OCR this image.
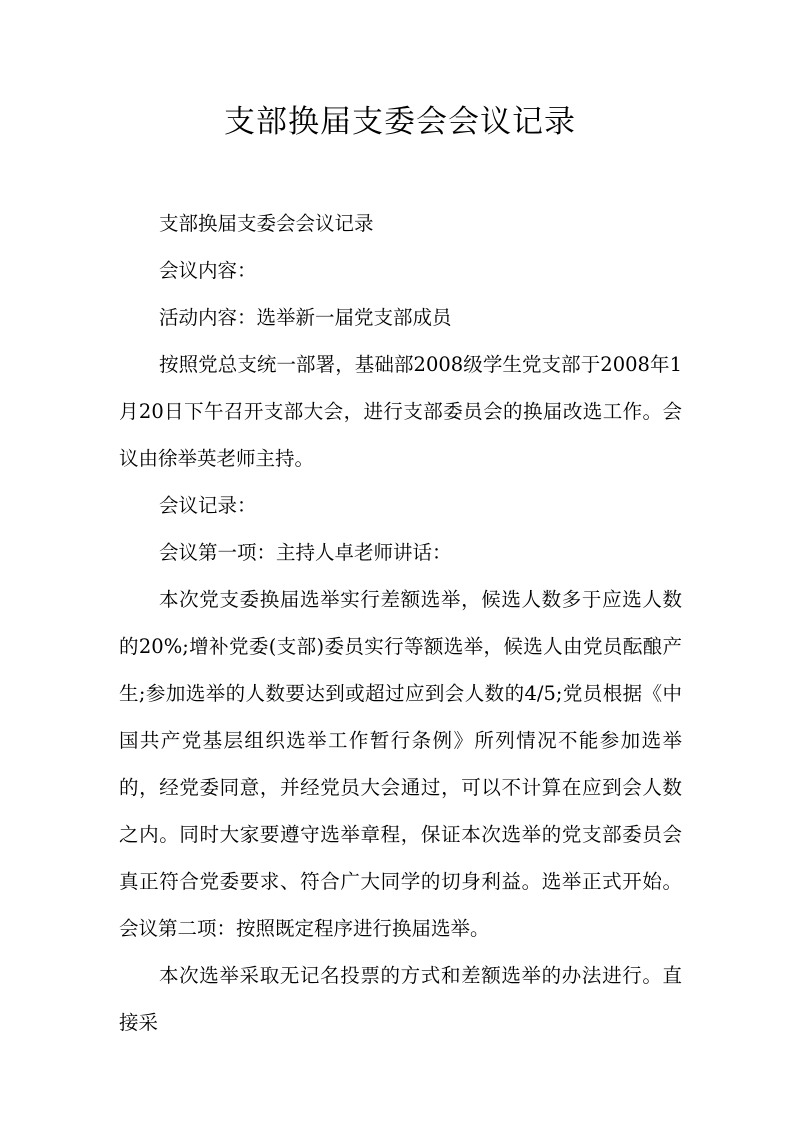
支部换届支委会会议记录

支部换届支委会会议记录

会议内容：

活动内容：选举新一届党支部成员

按照党总支统一部署，基础部2008级学生党支部于2008年1月20日下午召开支部大会，进行支部委员会的换届改选工作。会议由徐举英老师主持。

会议记录：

会议第一项：主持人卓老师讲话：

本次党支委换届选举实行差额选举，候选人数多于应选人数的20%;增补党委(支部)委员实行等额选举，候选人由党员酝酿产生;参加选举的人数要达到或超过应到会人数的4/5;党员根据《中国共产党基层组织选举工作暂行条例》所列情况不能参加选举的，经党委同意，并经党员大会通过，可以不计算在应到会人数之内。同时大家要遵守选举章程，保证本次选举的党支部委员会真正符合党委要求、符合广大同学的切身利益。选举正式开始。会议第二项：按照既定程序进行换届选举。

本次选举采取无记名投票的方式和差额选举的办法进行。直接采
